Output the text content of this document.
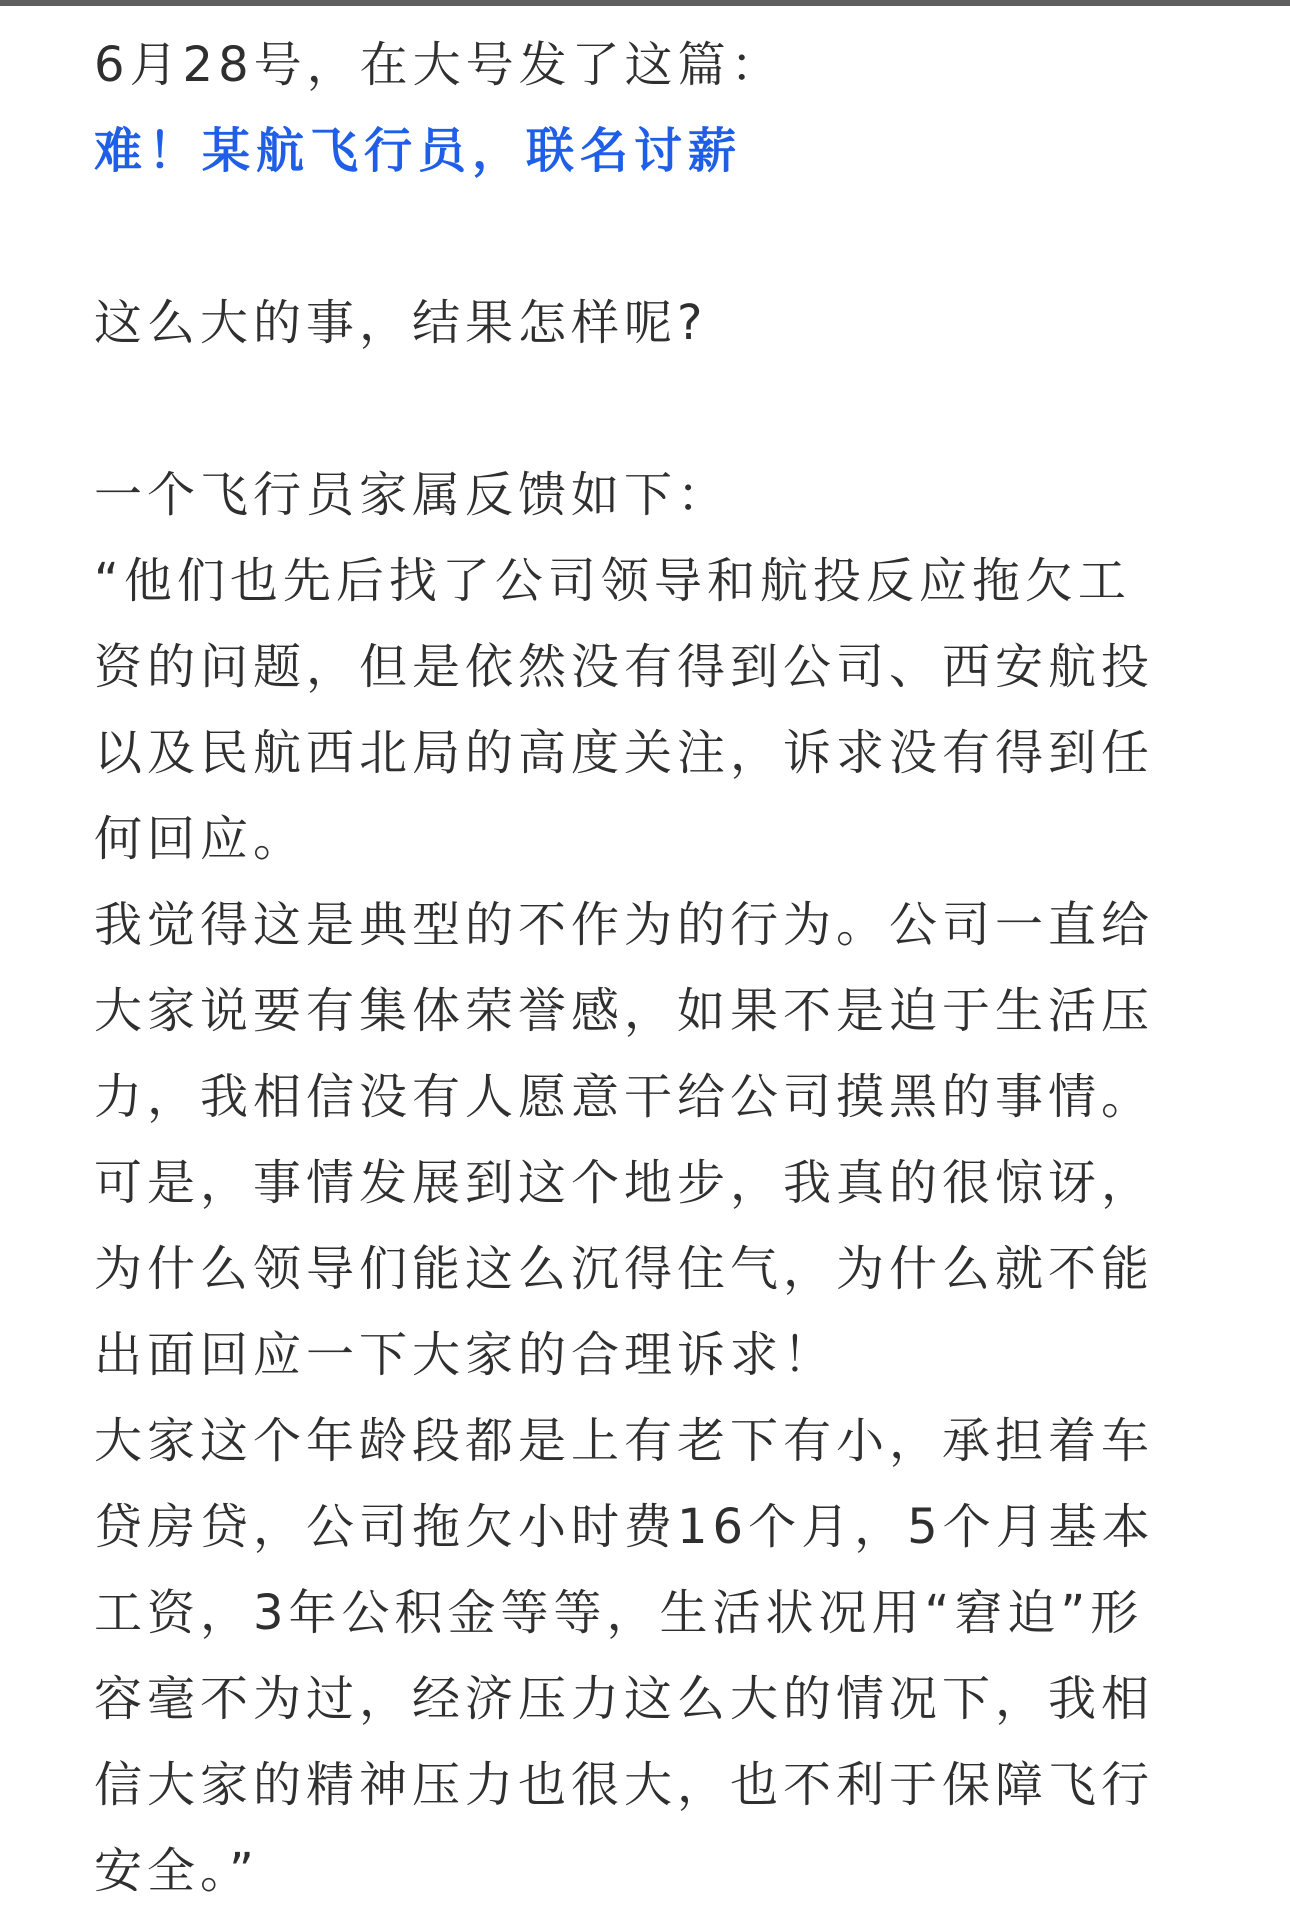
6月28号，在大号发了这篇：
难！某航飞行员，联名讨薪
这么大的事，结果怎样呢?
一个飞行员家属反馈如下：
“他们也先后找了公司领导和航投反应拖欠工
资的问题，但是依然没有得到公司、西安航投
以及民航西北局的高度关注，诉求没有得到任
何回应。
我觉得这是典型的不作为的行为。公司一直给
大家说要有集体荣誉感，如果不是迫于生活压
力，我相信没有人愿意干给公司摸黑的事情。
可是，事情发展到这个地步，我真的很惊讶，
为什么领导们能这么沉得住气，为什么就不能
出面回应一下大家的合理诉求！
大家这个年龄段都是上有老下有小，承担着车
贷房贷，公司拖欠小时费16个月，5个月基本
工资，3年公积金等等，生活状况用“窘迫”形
容毫不为过，经济压力这么大的情况下，我相
信大家的精神压力也很大，也不利于保障飞行
安全。”
